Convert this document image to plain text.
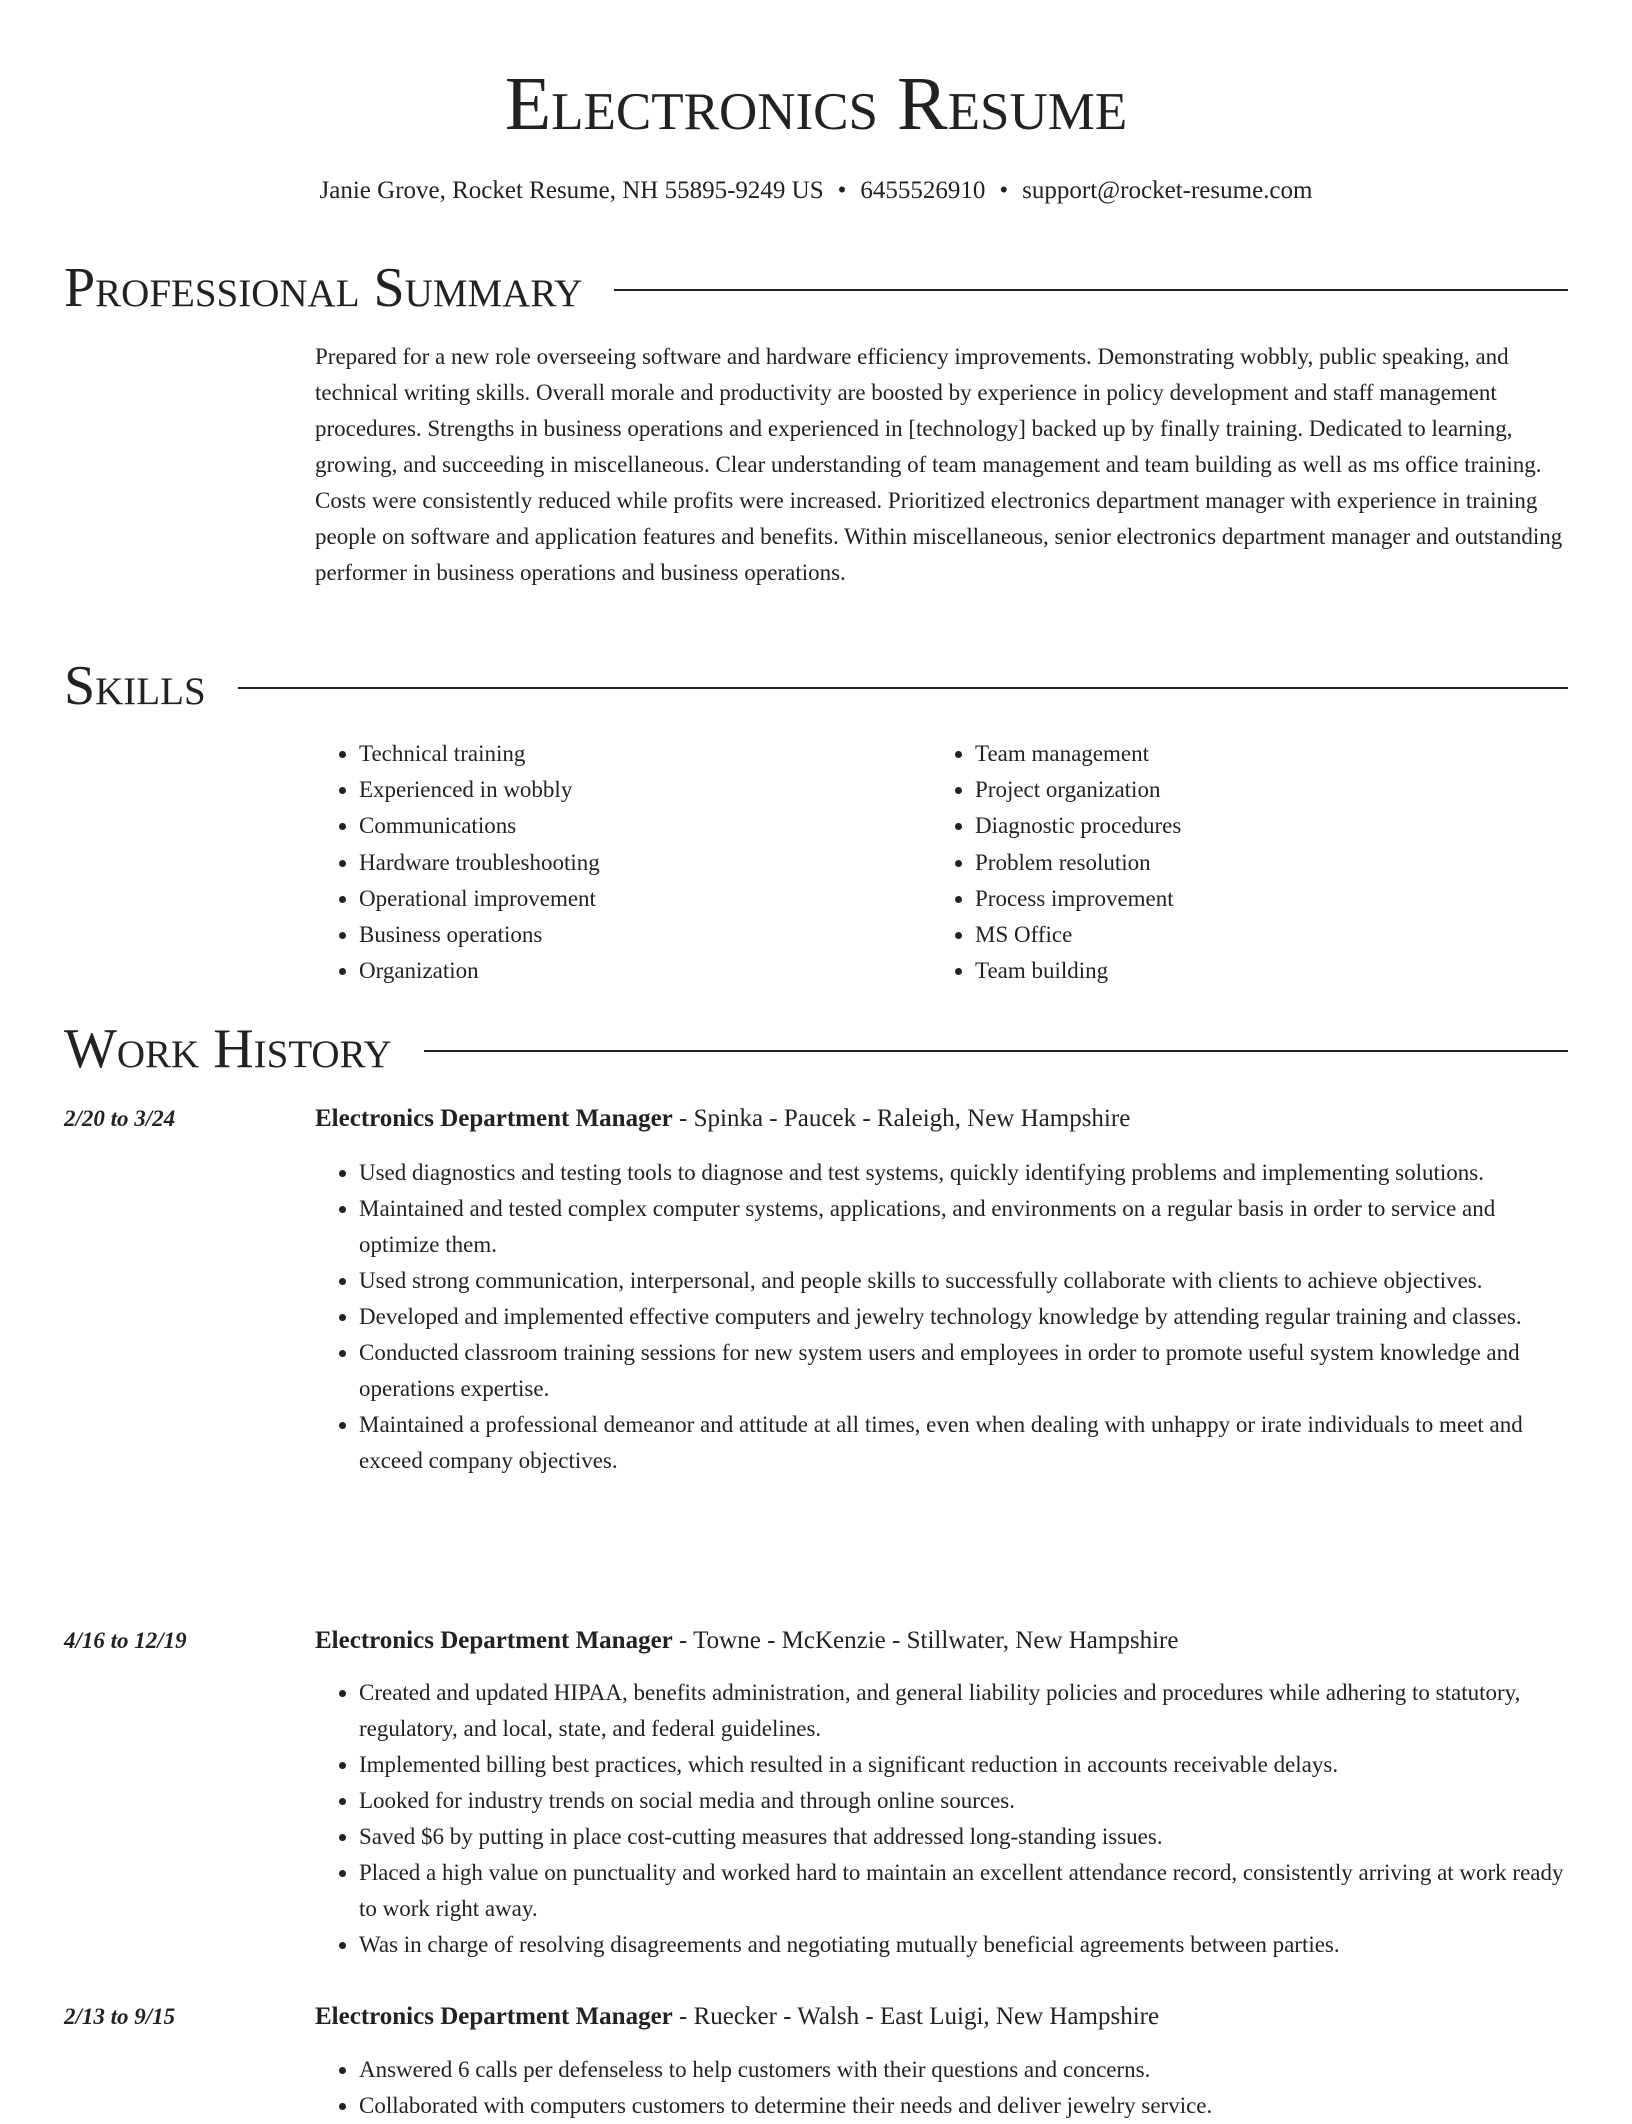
Electronics Resume
Janie Grove, Rocket Resume, NH 55895-9249 US • 6455526910 • support@rocket-resume.com
Professional Summary

Prepared for a new role overseeing software and hardware efficiency improvements. Demonstrating wobbly, public speaking, and technical writing skills. Overall morale and productivity are boosted by experience in policy development and staff management procedures. Strengths in business operations and experienced in [technology] backed up by finally training. Dedicated to learning, growing, and succeeding in miscellaneous. Clear understanding of team management and team building as well as ms office training. Costs were consistently reduced while profits were increased. Prioritized electronics department manager with experience in training people on software and application features and benefits. Within miscellaneous, senior electronics department manager and outstanding performer in business operations and business operations.

Skills
• Technical training
• Experienced in wobbly
• Communications
• Hardware troubleshooting
• Operational improvement
• Business operations
• Organization
• Team management
• Project organization
• Diagnostic procedures
• Problem resolution
• Process improvement
• MS Office
• Team building
Work History
2/20 to 3/24	Electronics Department Manager - Spinka - Paucek - Raleigh, New Hampshire
• Used diagnostics and testing tools to diagnose and test systems, quickly identifying problems and implementing solutions.
• Maintained and tested complex computer systems, applications, and environments on a regular basis in order to service and optimize them.
• Used strong communication, interpersonal, and people skills to successfully collaborate with clients to achieve objectives.
• Developed and implemented effective computers and jewelry technology knowledge by attending regular training and classes.
• Conducted classroom training sessions for new system users and employees in order to promote useful system knowledge and operations expertise.
• Maintained a professional demeanor and attitude at all times, even when dealing with unhappy or irate individuals to meet and exceed company objectives.
4/16 to 12/19	Electronics Department Manager - Towne - McKenzie - Stillwater, New Hampshire
• Created and updated HIPAA, benefits administration, and general liability policies and procedures while adhering to statutory, regulatory, and local, state, and federal guidelines.
• Implemented billing best practices, which resulted in a significant reduction in accounts receivable delays.
• Looked for industry trends on social media and through online sources.
• Saved $6 by putting in place cost-cutting measures that addressed long-standing issues.
• Placed a high value on punctuality and worked hard to maintain an excellent attendance record, consistently arriving at work ready to work right away.
• Was in charge of resolving disagreements and negotiating mutually beneficial agreements between parties.
2/13 to 9/15	Electronics Department Manager - Ruecker - Walsh - East Luigi, New Hampshire
• Answered 6 calls per defenseless to help customers with their questions and concerns.
• Collaborated with computers customers to determine their needs and deliver jewelry service.
